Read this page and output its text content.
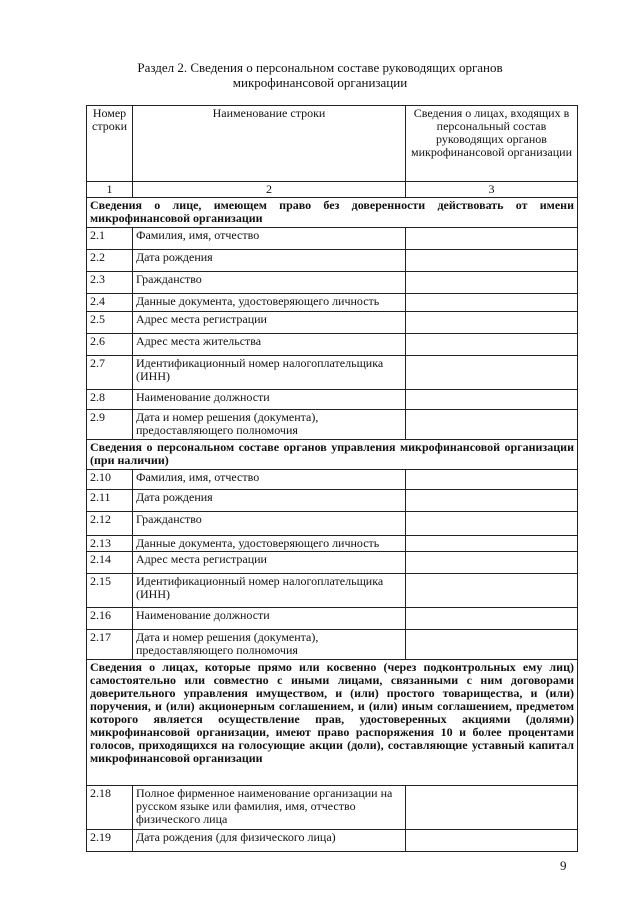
Раздел 2. Сведения о персональном составе руководящих органов
микрофинансовой организации
Номер строки	Наименование строки	Сведения о лицах, входящих в персональный состав руководящих органов микрофинансовой организации
1	2	3
Сведения о лице, имеющем право без доверенности действовать от имени микрофинансовой организации		
2.1	Фамилия, имя, отчество	
2.2	Дата рождения	
2.3	Гражданство	
2.4	Данные документа, удостоверяющего личность	
2.5	Адрес места регистрации	
2.6	Адрес места жительства	
2.7	Идентификационный номер налогоплательщика (ИНН)	
2.8	Наименование должности	
2.9	Дата и номер решения (документа), предоставляющего полномочия	
Сведения о персональном составе органов управления микрофинансовой организации (при наличии)		
2.10	Фамилия, имя, отчество	
2.11	Дата рождения	
2.12	Гражданство	
2.13	Данные документа, удостоверяющего личность	
2.14	Адрес места регистрации	
2.15	Идентификационный номер налогоплательщика (ИНН)	
2.16	Наименование должности	
2.17	Дата и номер решения (документа), предоставляющего полномочия	
Сведения о лицах, которые прямо или косвенно (через подконтрольных ему лиц) самостоятельно или совместно с иными лицами, связанными с ним договорами доверительного управления имуществом, и (или) простого товарищества, и (или) поручения, и (или) акционерным соглашением, и (или) иным соглашением, предметом которого является осуществление прав, удостоверенных акциями (долями) микрофинансовой организации, имеют право распоряжения 10 и более процентами голосов, приходящихся на голосующие акции (доли), составляющие уставный капитал микрофинансовой организации		
2.18	Полное фирменное наименование организации на русском языке или фамилия, имя, отчество физического лица	
2.19	Дата рождения (для физического лица)	
9
